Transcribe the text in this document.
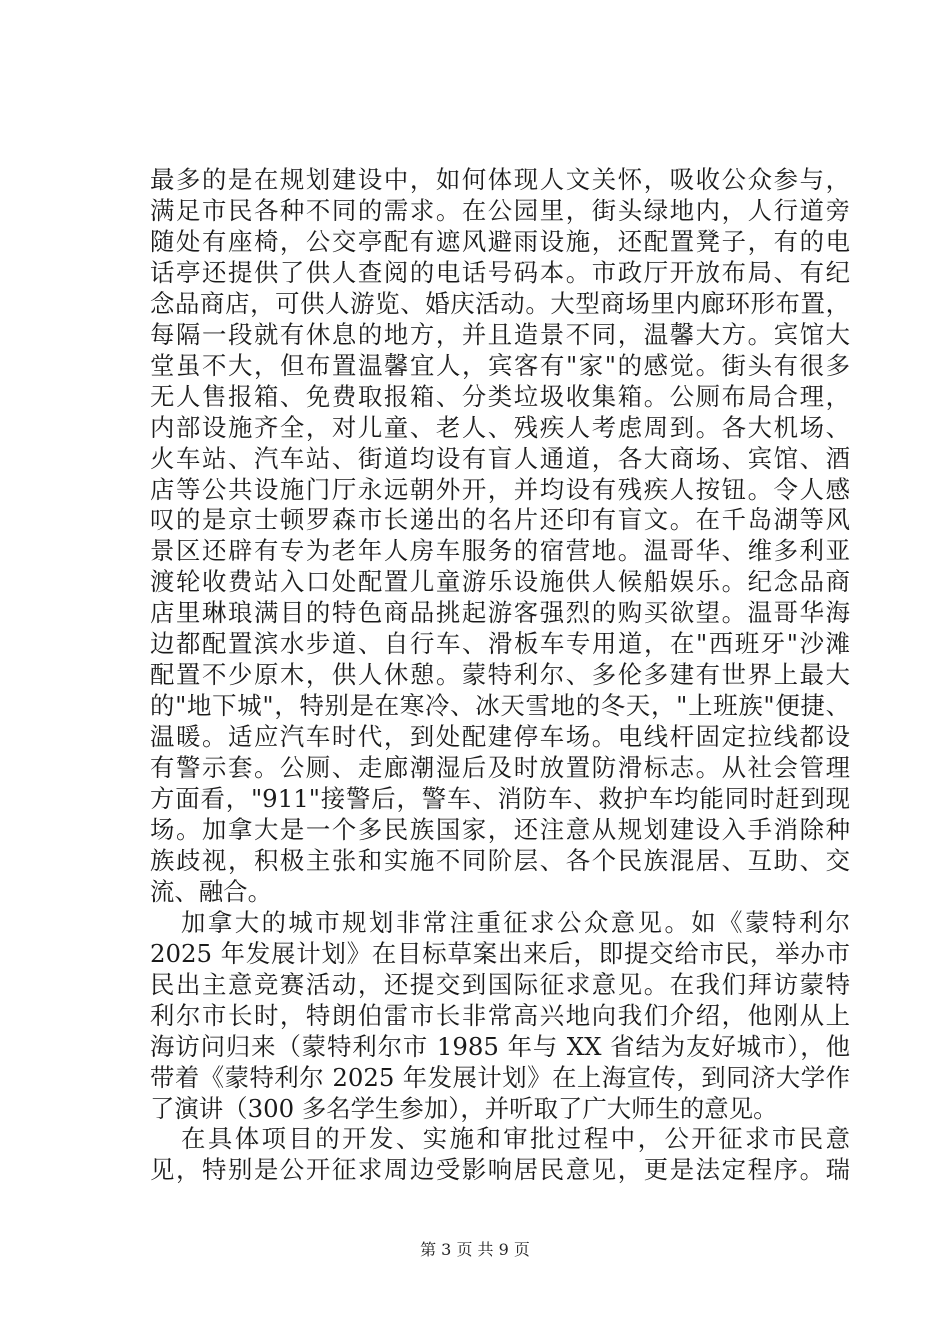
最多的是在规划建设中，如何体现人文关怀，吸收公众参与，
满足市民各种不同的需求。在公园里，街头绿地内，人行道旁
随处有座椅，公交亭配有遮风避雨设施，还配置凳子，有的电
话亭还提供了供人查阅的电话号码本。市政厅开放布局、有纪
念品商店，可供人游览、婚庆活动。大型商场里内廊环形布置，
每隔一段就有休息的地方，并且造景不同，温馨大方。宾馆大
堂虽不大，但布置温馨宜人，宾客有"家"的感觉。街头有很多
无人售报箱、免费取报箱、分类垃圾收集箱。公厕布局合理，
内部设施齐全，对儿童、老人、残疾人考虑周到。各大机场、
火车站、汽车站、街道均设有盲人通道，各大商场、宾馆、酒
店等公共设施门厅永远朝外开，并均设有残疾人按钮。令人感
叹的是京士顿罗森市长递出的名片还印有盲文。在千岛湖等风
景区还辟有专为老年人房车服务的宿营地。温哥华、维多利亚
渡轮收费站入口处配置儿童游乐设施供人候船娱乐。纪念品商
店里琳琅满目的特色商品挑起游客强烈的购买欲望。温哥华海
边都配置滨水步道、自行车、滑板车专用道，在"西班牙"沙滩
配置不少原木，供人休憩。蒙特利尔、多伦多建有世界上最大
的"地下城"，特别是在寒冷、冰天雪地的冬天，"上班族"便捷、
温暖。适应汽车时代，到处配建停车场。电线杆固定拉线都设
有警示套。公厕、走廊潮湿后及时放置防滑标志。从社会管理
方面看，"911"接警后，警车、消防车、救护车均能同时赶到现
场。加拿大是一个多民族国家，还注意从规划建设入手消除种
族歧视，积极主张和实施不同阶层、各个民族混居、互助、交
流、融合。
加拿大的城市规划非常注重征求公众意见。如《蒙特利尔
2025 年发展计划》在目标草案出来后，即提交给市民，举办市
民出主意竞赛活动，还提交到国际征求意见。在我们拜访蒙特
利尔市长时，特朗伯雷市长非常高兴地向我们介绍，他刚从上
海访问归来（蒙特利尔市 1985 年与 XX 省结为友好城市），他
带着《蒙特利尔 2025 年发展计划》在上海宣传，到同济大学作
了演讲（300 多名学生参加），并听取了广大师生的意见。
在具体项目的开发、实施和审批过程中，公开征求市民意
见，特别是公开征求周边受影响居民意见，更是法定程序。瑞
第 3 页 共 9 页
